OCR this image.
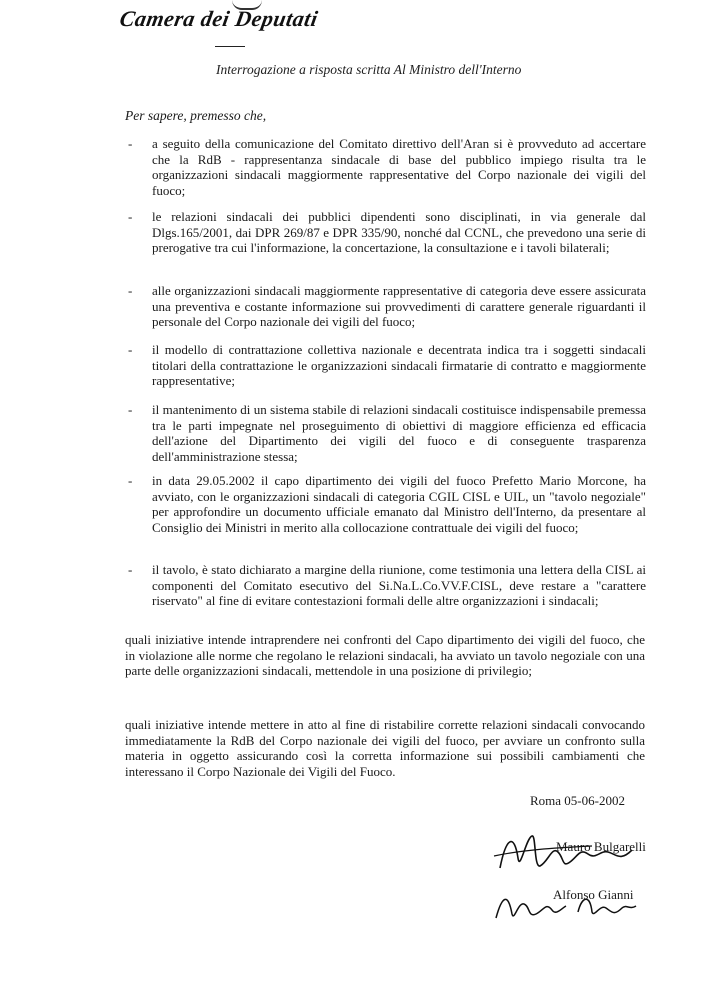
Camera dei Deputati
Interrogazione a risposta scritta Al Ministro dell'Interno
Per sapere, premesso che,
- a seguito della comunicazione del Comitato direttivo dell'Aran si è provveduto ad accertare che la RdB - rappresentanza sindacale di base del pubblico impiego risulta tra le organizzazioni sindacali maggiormente rappresentative del Corpo nazionale dei vigili del fuoco;
- le relazioni sindacali dei pubblici dipendenti sono disciplinati, in via generale dal Dlgs.165/2001, dai DPR 269/87 e DPR 335/90, nonché dal CCNL, che prevedono una serie di prerogative tra cui l'informazione, la concertazione, la consultazione e i tavoli bilaterali;
- alle organizzazioni sindacali maggiormente rappresentative di categoria deve essere assicurata una preventiva e costante informazione sui provvedimenti di carattere generale riguardanti il personale del Corpo nazionale dei vigili del fuoco;
- il modello di contrattazione collettiva nazionale e decentrata indica tra i soggetti sindacali titolari della contrattazione le organizzazioni sindacali firmatarie di contratto e maggiormente rappresentative;
- il mantenimento di un sistema stabile di relazioni sindacali costituisce indispensabile premessa tra le parti impegnate nel proseguimento di obiettivi di maggiore efficienza ed efficacia dell'azione del Dipartimento dei vigili del fuoco e di conseguente trasparenza dell'amministrazione stessa;
- in data 29.05.2002 il capo dipartimento dei vigili del fuoco Prefetto Mario Morcone, ha avviato, con le organizzazioni sindacali di categoria CGIL CISL e UIL, un "tavolo negoziale" per approfondire un documento ufficiale emanato dal Ministro dell'Interno, da presentare al Consiglio dei Ministri in merito alla collocazione contrattuale dei vigili del fuoco;
- il tavolo, è stato dichiarato a margine della riunione, come testimonia una lettera della CISL ai componenti del Comitato esecutivo del Si.Na.L.Co.VV.F.CISL, deve restare a "carattere riservato" al fine di evitare contestazioni formali delle altre organizzazioni i sindacali;
quali iniziative intende intraprendere nei confronti del Capo dipartimento dei vigili del fuoco, che in violazione alle norme che regolano le relazioni sindacali, ha avviato un tavolo negoziale con una parte delle organizzazioni sindacali, mettendole in una posizione di privilegio;
quali iniziative intende mettere in atto al fine di ristabilire corrette relazioni sindacali convocando immediatamente la RdB del Corpo nazionale dei vigili del fuoco, per avviare un confronto sulla materia in oggetto assicurando così la corretta informazione sui possibili cambiamenti che interessano il Corpo Nazionale dei Vigili del Fuoco.
Roma 05-06-2002
Mauro Bulgarelli
Alfonso Gianni
